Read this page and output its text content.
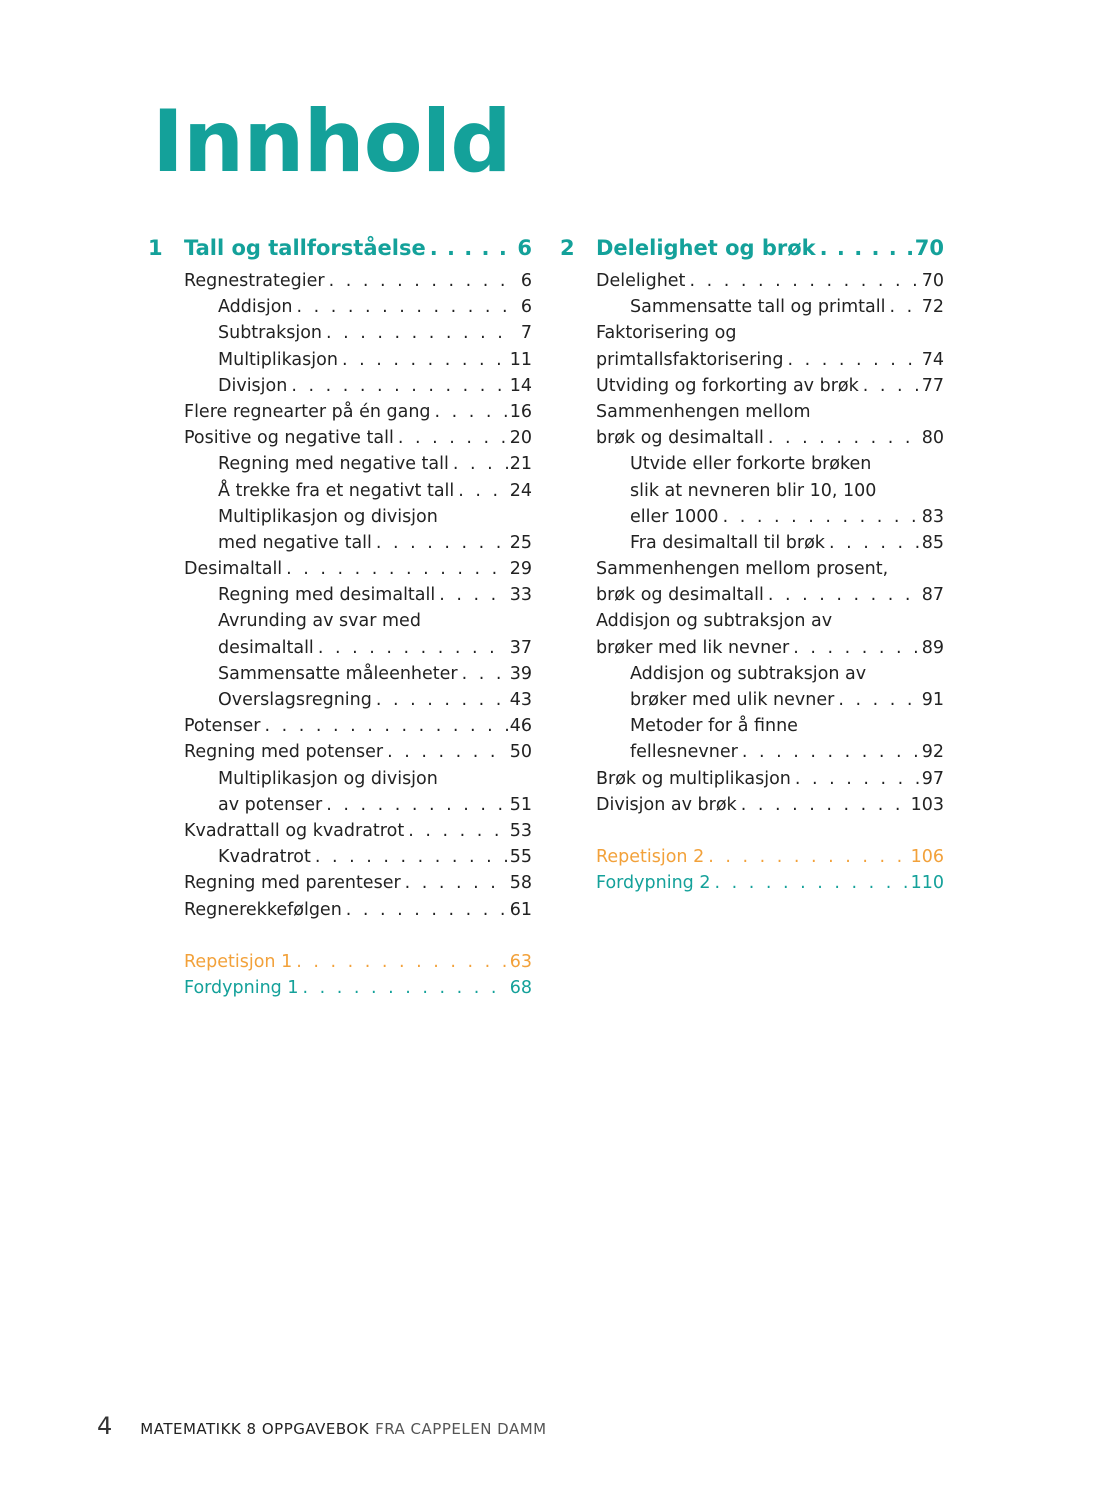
Innhold
1	Tall og tallforståelse . . .	6
Regnestrategier . . .	6
Addisjon . . .	6
Subtraksjon . . .	7
Multiplikasjon . . .	11
Divisjon . . .	14
Flere regnearter på én gang . . .	16
Positive og negative tall . . .	20
Regning med negative tall . . .	21
Å trekke fra et negativt tall . . .	24
Multiplikasjon og divisjon
med negative tall . . .	25
Desimaltall . . .	29
Regning med desimaltall . . .	33
Avrunding av svar med
desimaltall . . .	37
Sammensatte måleenheter . . .	39
Overslagsregning . . .	43
Potenser . . .	46
Regning med potenser . . .	50
Multiplikasjon og divisjon
av potenser . . .	51
Kvadrattall og kvadratrot . . .	53
Kvadratrot . . .	55
Regning med parenteser . . .	58
Regnerekkefølgen . . .	61
Repetisjon 1 . . .	63
Fordypning 1 . . .	68
2	Delelighet og brøk . . .	70
Delelighet . . .	70
Sammensatte tall og primtall . . . 72
Faktorisering og
primtallsfaktorisering . . .	74
Utviding og forkorting av brøk . . .	77
Sammenhengen mellom
brøk og desimaltall . . .	80
Utvide eller forkorte brøken
slik at nevneren blir 10, 100
eller 1000 . . .	83
Fra desimaltall til brøk . . .	85
Sammenhengen mellom prosent,
brøk og desimaltall . . .	87
Addisjon og subtraksjon av
brøker med lik nevner . . .	89
Addisjon og subtraksjon av
brøker med ulik nevner . . .	91
Metoder for å finne
fellesnevner . . .	92
Brøk og multiplikasjon . . .	97
Divisjon av brøk . . .	103
Repetisjon 2 . . .	106
Fordypning 2 . . .	110
4 MATEMATIKK 8 OPPGAVEBOK FRA CAPPELEN DAMM
